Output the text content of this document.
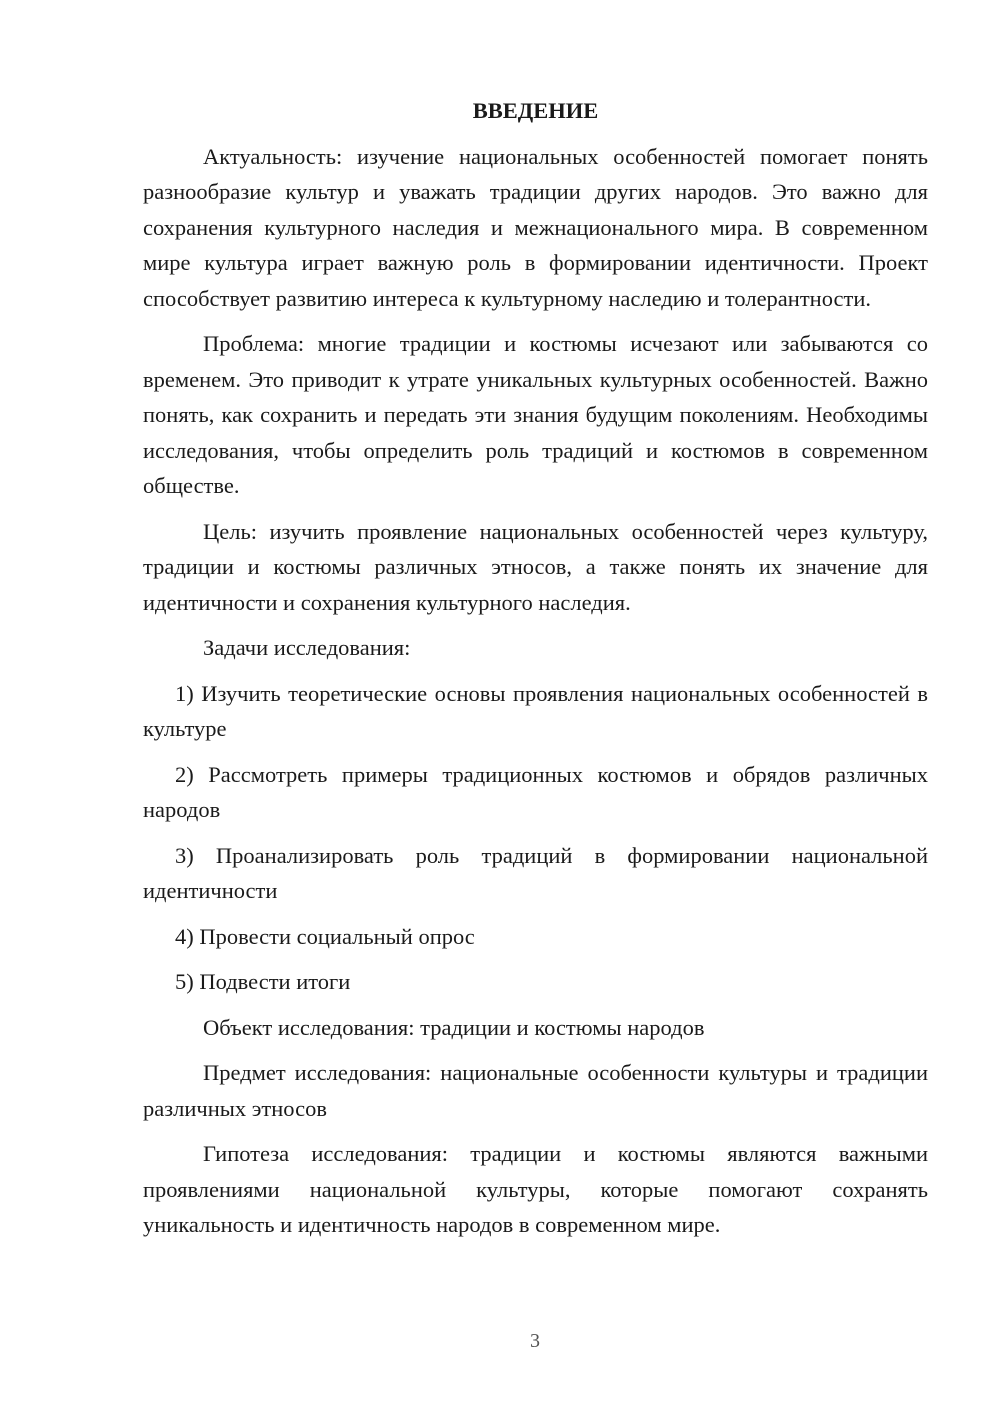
ВВЕДЕНИЕ

Актуальность: изучение национальных особенностей помогает понять разнообразие культур и уважать традиции других народов. Это важно для сохранения культурного наследия и межнационального мира. В современном мире культура играет важную роль в формировании идентичности. Проект способствует развитию интереса к культурному наследию и толерантности.

Проблема: многие традиции и костюмы исчезают или забываются со временем. Это приводит к утрате уникальных культурных особенностей. Важно понять, как сохранить и передать эти знания будущим поколениям. Необходимы исследования, чтобы определить роль традиций и костюмов в современном обществе.

Цель: изучить проявление национальных особенностей через культуру, традиции и костюмы различных этносов, а также понять их значение для идентичности и сохранения культурного наследия.

Задачи исследования:

1) Изучить теоретические основы проявления национальных особенностей в культуре

2) Рассмотреть примеры традиционных костюмов и обрядов различных народов

3) Проанализировать роль традиций в формировании национальной идентичности

4) Провести социальный опрос

5) Подвести итоги

Объект исследования: традиции и костюмы народов

Предмет исследования: национальные особенности культуры и традиции различных этносов

Гипотеза исследования: традиции и костюмы являются важными проявлениями национальной культуры, которые помогают сохранять уникальность и идентичность народов в современном мире.

3
